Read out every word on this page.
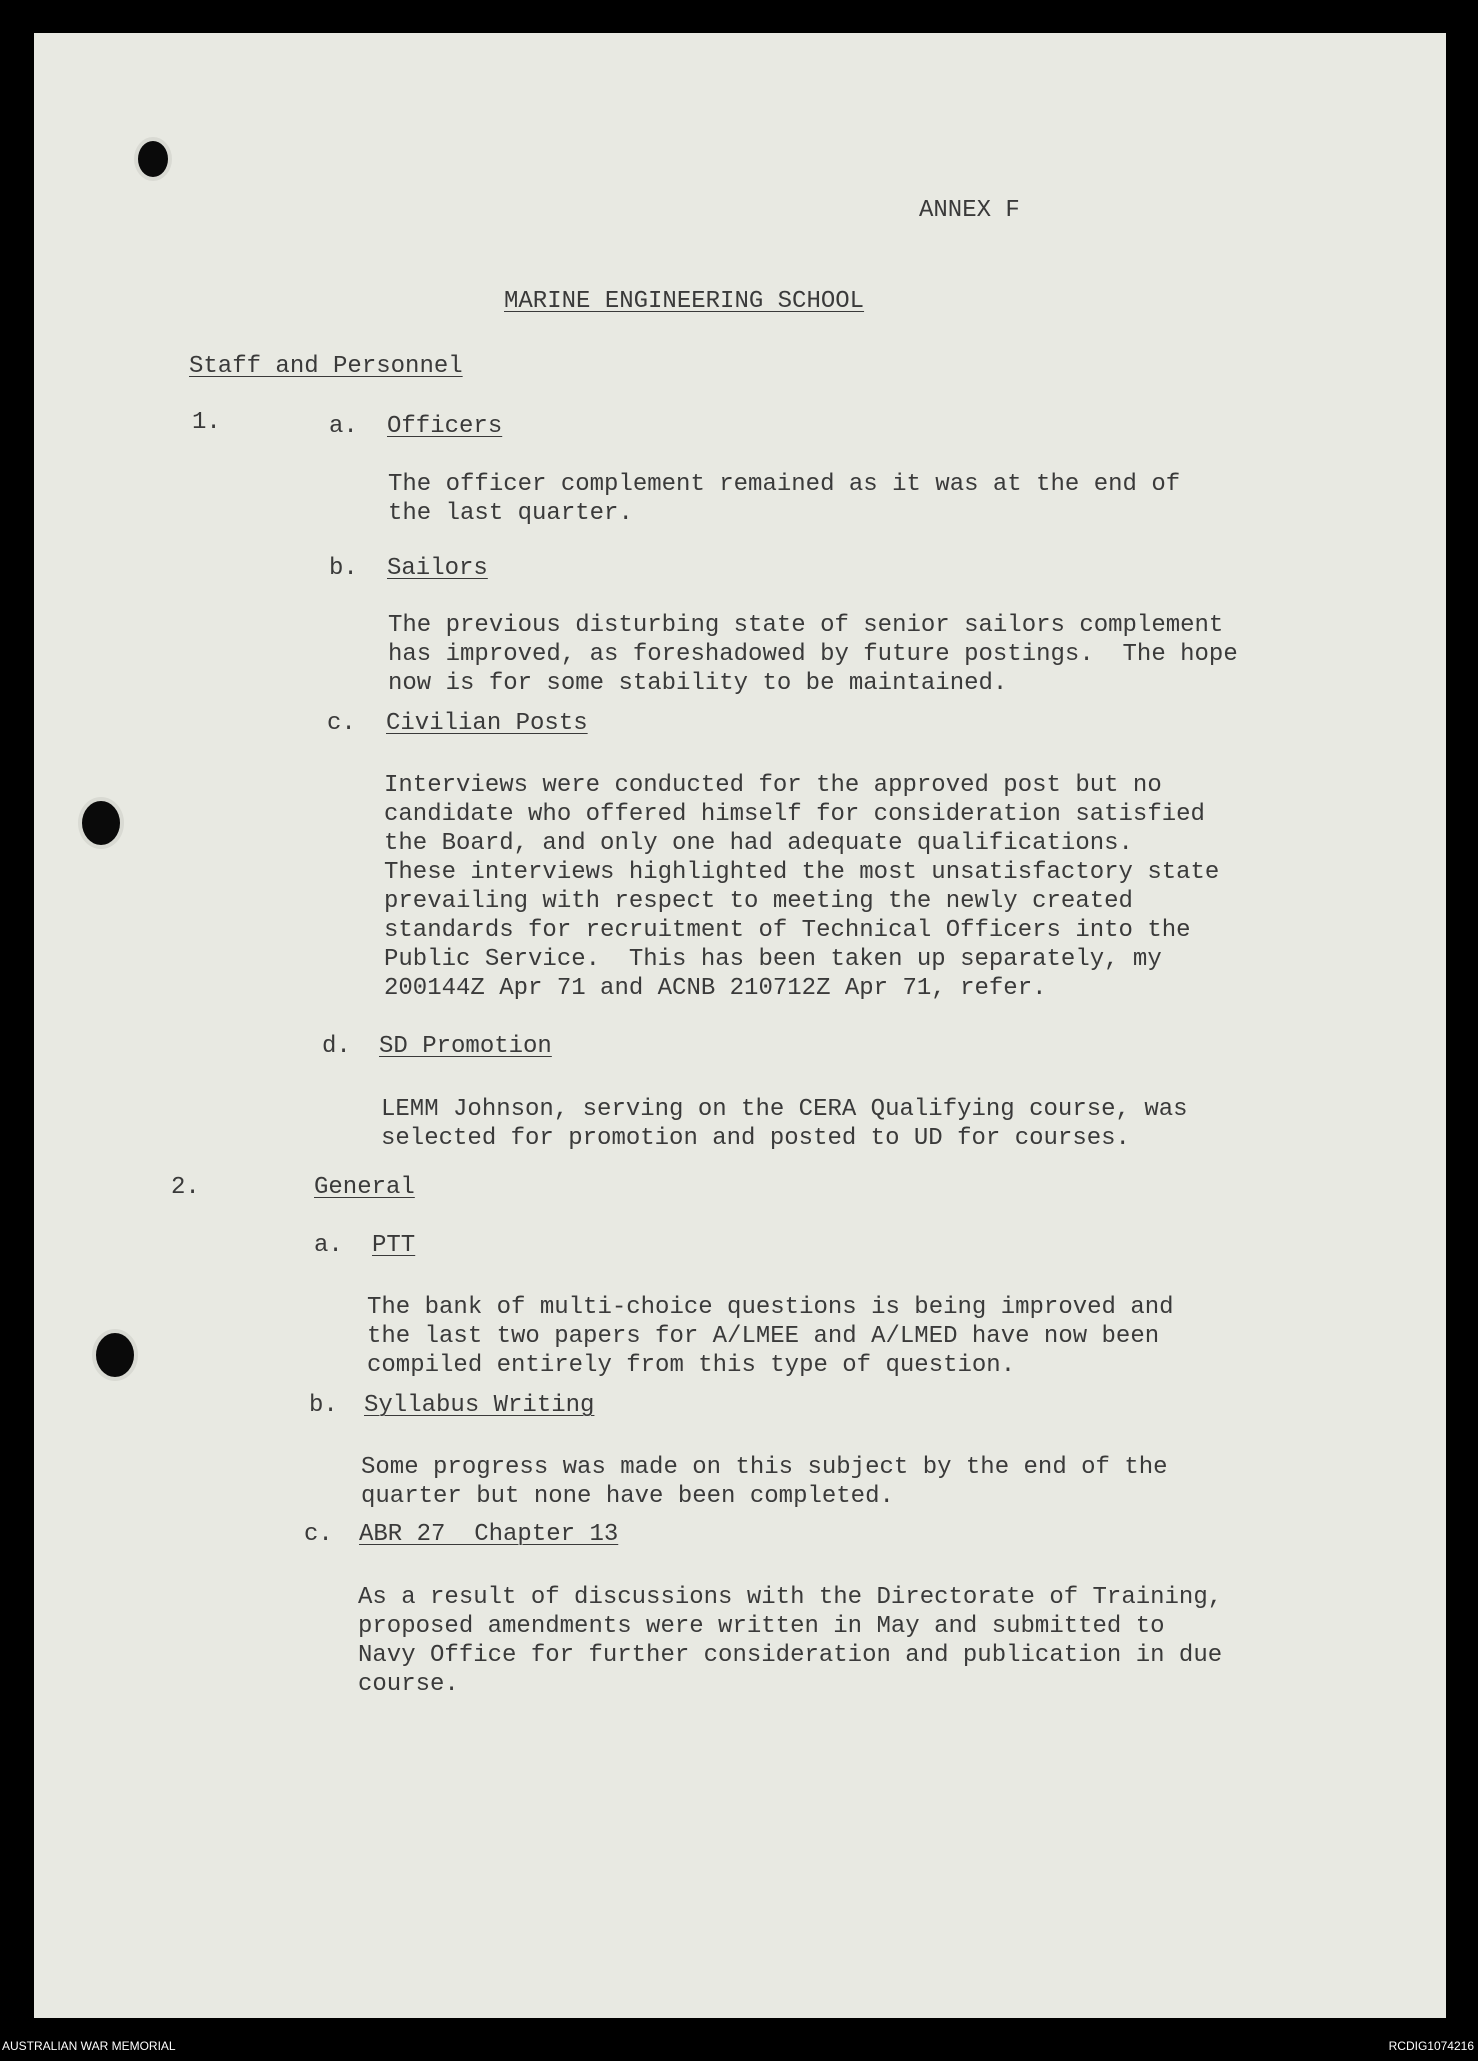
ANNEX F
MARINE ENGINEERING SCHOOL
Staff and Personnel
1.	a. Officers
The officer complement remained as it was at the end of
the last quarter.
b. Sailors
The previous disturbing state of senior sailors complement
has improved, as foreshadowed by future postings.  The hope
now is for some stability to be maintained.
c. Civilian Posts
Interviews were conducted for the approved post but no
candidate who offered himself for consideration satisfied
the Board, and only one had adequate qualifications.
These interviews highlighted the most unsatisfactory state
prevailing with respect to meeting the newly created
standards for recruitment of Technical Officers into the
Public Service.  This has been taken up separately, my
200144Z Apr 71 and ACNB 210712Z Apr 71, refer.
d. SD Promotion
LEMM Johnson, serving on the CERA Qualifying course, was
selected for promotion and posted to UD for courses.
2.	General
a. PTT
The bank of multi-choice questions is being improved and
the last two papers for A/LMEE and A/LMED have now been
compiled entirely from this type of question.
b. Syllabus Writing
Some progress was made on this subject by the end of the
quarter but none have been completed.
c. ABR 27  Chapter 13
As a result of discussions with the Directorate of Training,
proposed amendments were written in May and submitted to
Navy Office for further consideration and publication in due
course.
AUSTRALIAN WAR MEMORIAL	RCDIG1074216
